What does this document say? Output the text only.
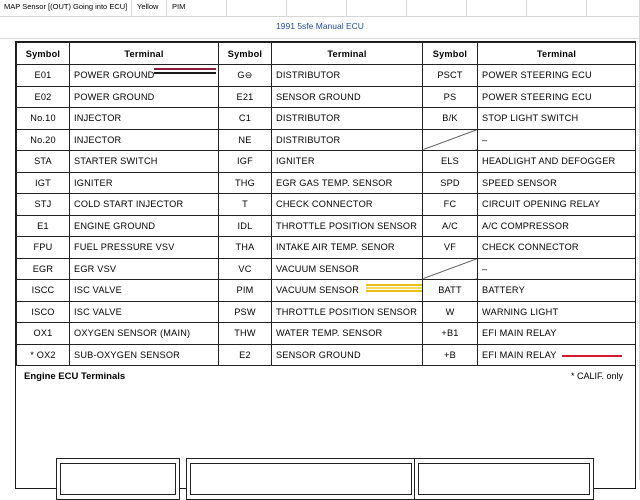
MAP Sensor [(OUT) Going into ECU] Yellow PIM
1991 5sfe Manual ECU
Symbol	Terminal	Symbol	Terminal	Symbol	Terminal
E01	POWER GROUND	G⊖	DISTRIBUTOR	PSCT	POWER STEERING ECU
E02	POWER GROUND	E21	SENSOR GROUND	PS	POWER STEERING ECU
No.10	INJECTOR	C1	DISTRIBUTOR	B/K	STOP LIGHT SWITCH
No.20	INJECTOR	NE	DISTRIBUTOR		–
STA	STARTER SWITCH	IGF	IGNITER	ELS	HEADLIGHT AND DEFOGGER
IGT	IGNITER	THG	EGR GAS TEMP. SENSOR	SPD	SPEED SENSOR
STJ	COLD START INJECTOR	T	CHECK CONNECTOR	FC	CIRCUIT OPENING RELAY
E1	ENGINE GROUND	IDL	THROTTLE POSITION SENSOR	A/C	A/C COMPRESSOR
FPU	FUEL PRESSURE VSV	THA	INTAKE AIR TEMP. SENOR	VF	CHECK CONNECTOR
EGR	EGR VSV	VC	VACUUM SENSOR		–
ISCC	ISC VALVE	PIM	VACUUM SENSOR	BATT	BATTERY
ISCO	ISC VALVE	PSW	THROTTLE POSITION SENSOR	W	WARNING LIGHT
OX1	OXYGEN SENSOR (MAIN)	THW	WATER TEMP. SENSOR	+B1	EFI MAIN RELAY
* OX2	SUB-OXYGEN SENSOR	E2	SENSOR GROUND	+B	EFI MAIN RELAY
Engine ECU Terminals	* CALIF. only
